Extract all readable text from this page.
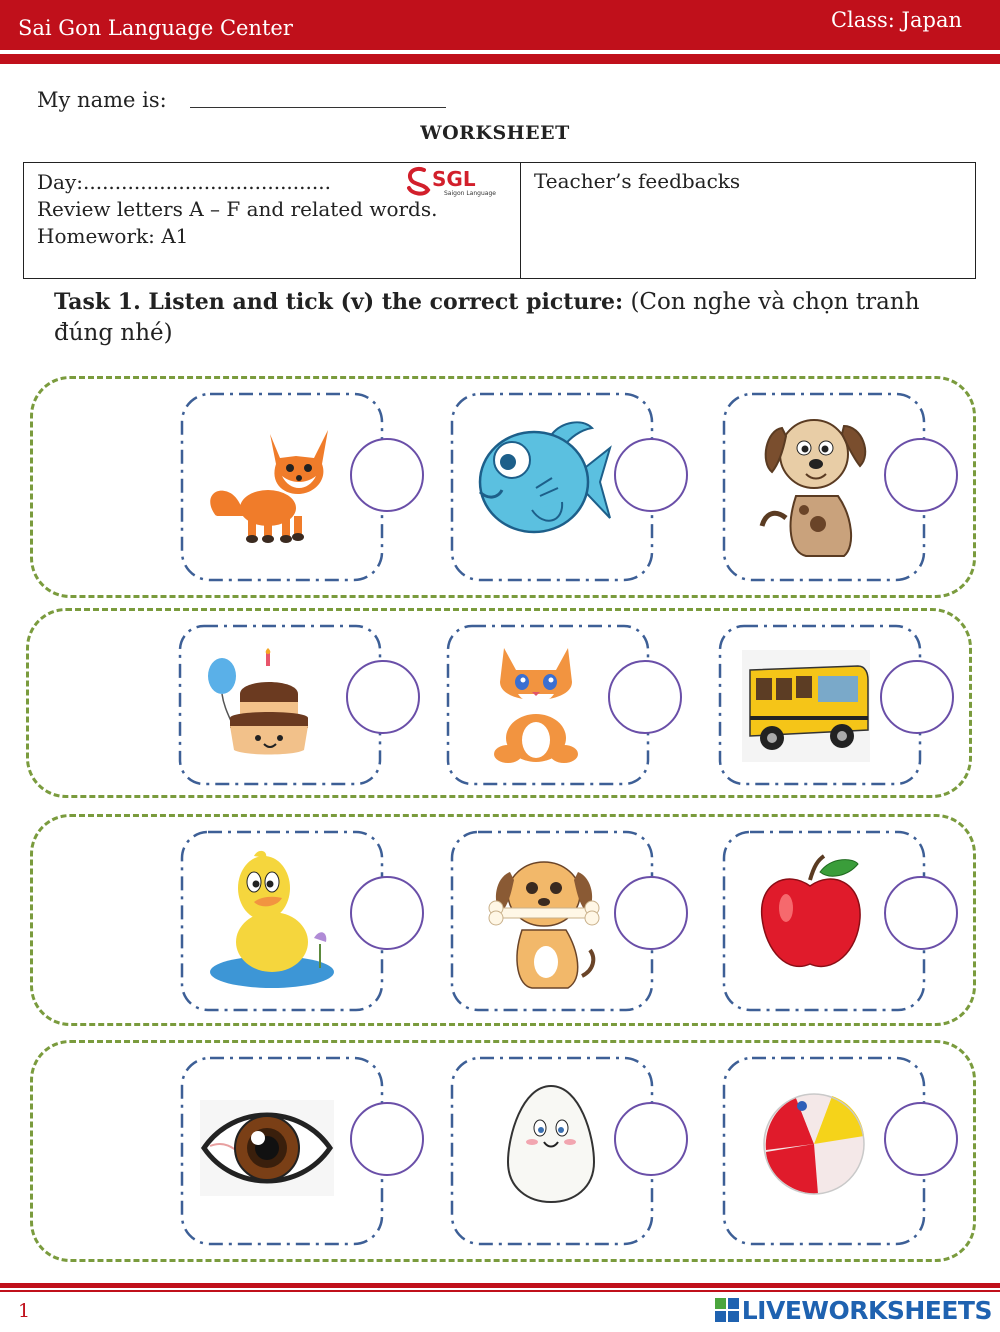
Sai Gon Language Center	Class: Japan
My name is:
WORKSHEET
Day:.......................................
Review letters A – F and related words.
Homework: A1
SGL
Saigon Language
Teacher’s feedbacks
Task 1. Listen and tick (v) the correct picture: (Con nghe và chọn tranh đúng nhé)
1	LIVEWORKSHEETS
